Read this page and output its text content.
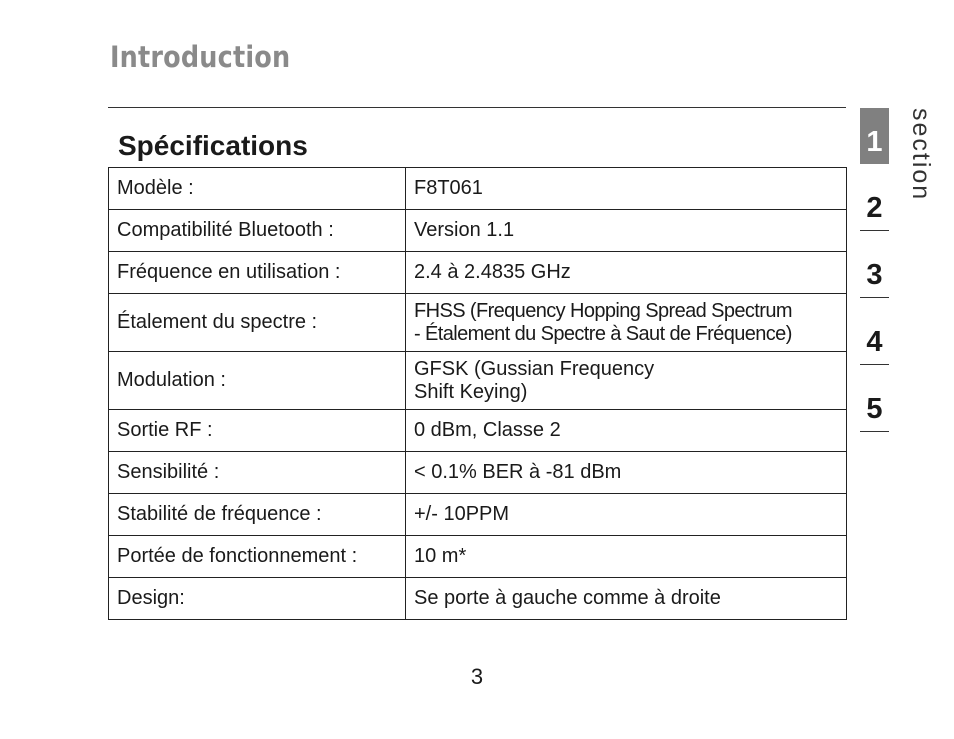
Introduction
Spécifications
Modèle :	F8T061

Compatibilité Bluetooth :	Version 1.1

Fréquence en utilisation :	2.4 à 2.4835 GHz

Étalement du spectre :	FHSS (Frequency Hopping Spread Spectrum
- Étalement du Spectre à Saut de Fréquence)

Modulation :	GFSK (Gussian Frequency
Shift Keying)

Sortie RF :	0 dBm, Classe 2

Sensibilité :	< 0.1% BER à -81 dBm

Stabilité de fréquence :	+/- 10PPM

Portée de fonctionnement :	10 m*

Design:	Se porte à gauche comme à droite
section
1
2
3
4
5
3
